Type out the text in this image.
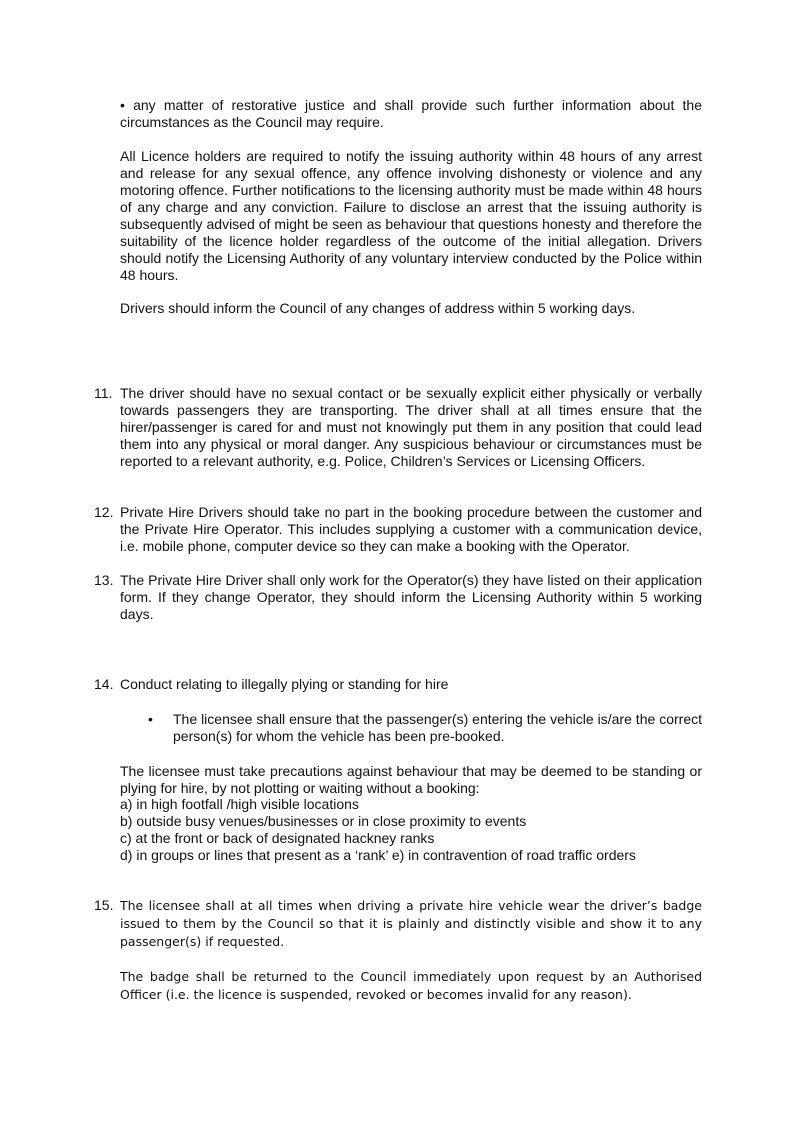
• any matter of restorative justice and shall provide such further information about the circumstances as the Council may require.

All Licence holders are required to notify the issuing authority within 48 hours of any arrest and release for any sexual offence, any offence involving dishonesty or violence and any motoring offence. Further notifications to the licensing authority must be made within 48 hours of any charge and any conviction. Failure to disclose an arrest that the issuing authority is subsequently advised of might be seen as behaviour that questions honesty and therefore the suitability of the licence holder regardless of the outcome of the initial allegation. Drivers should notify the Licensing Authority of any voluntary interview conducted by the Police within 48 hours.

Drivers should inform the Council of any changes of address within 5 working days.

11. The driver should have no sexual contact or be sexually explicit either physically or verbally towards passengers they are transporting. The driver shall at all times ensure that the hirer/passenger is cared for and must not knowingly put them in any position that could lead them into any physical or moral danger. Any suspicious behaviour or circumstances must be reported to a relevant authority, e.g. Police, Children’s Services or Licensing Officers.

12. Private Hire Drivers should take no part in the booking procedure between the customer and the Private Hire Operator. This includes supplying a customer with a communication device, i.e. mobile phone, computer device so they can make a booking with the Operator.

13. The Private Hire Driver shall only work for the Operator(s) they have listed on their application form. If they change Operator, they should inform the Licensing Authority within 5 working days.

14. Conduct relating to illegally plying or standing for hire

• The licensee shall ensure that the passenger(s) entering the vehicle is/are the correct person(s) for whom the vehicle has been pre-booked.

The licensee must take precautions against behaviour that may be deemed to be standing or plying for hire, by not plotting or waiting without a booking:

a) in high footfall /high visible locations
b) outside busy venues/businesses or in close proximity to events
c) at the front or back of designated hackney ranks
d) in groups or lines that present as a ‘rank’ e) in contravention of road traffic orders
15. The licensee shall at all times when driving a private hire vehicle wear the driver’s badge issued to them by the Council so that it is plainly and distinctly visible and show it to any passenger(s) if requested.

The badge shall be returned to the Council immediately upon request by an Authorised Officer (i.e. the licence is suspended, revoked or becomes invalid for any reason).
